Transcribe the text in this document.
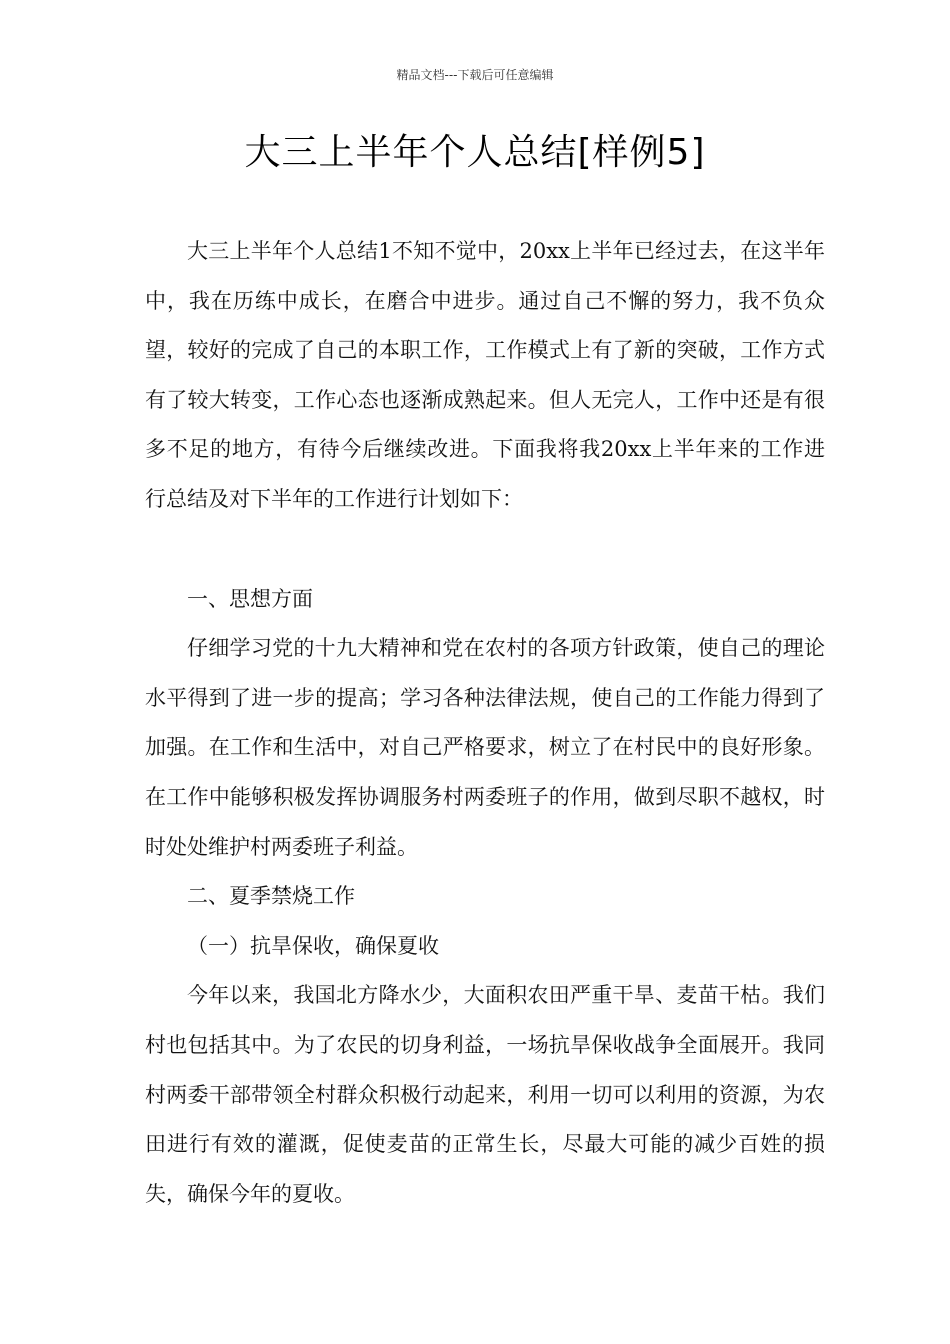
精品文档---下载后可任意编辑
大三上半年个人总结[样例5]

大三上半年个人总结1不知不觉中，20xx上半年已经过去，在这半年中，我在历练中成长，在磨合中进步。通过自己不懈的努力，我不负众望，较好的完成了自己的本职工作，工作模式上有了新的突破，工作方式有了较大转变，工作心态也逐渐成熟起来。但人无完人，工作中还是有很多不足的地方，有待今后继续改进。下面我将我20xx上半年来的工作进行总结及对下半年的工作进行计划如下：

一、思想方面

仔细学习党的十九大精神和党在农村的各项方针政策，使自己的理论水平得到了进一步的提高；学习各种法律法规，使自己的工作能力得到了加强。在工作和生活中，对自己严格要求，树立了在村民中的良好形象。在工作中能够积极发挥协调服务村两委班子的作用，做到尽职不越权，时时处处维护村两委班子利益。

二、夏季禁烧工作

（一）抗旱保收，确保夏收

今年以来，我国北方降水少，大面积农田严重干旱、麦苗干枯。我们村也包括其中。为了农民的切身利益，一场抗旱保收战争全面展开。我同村两委干部带领全村群众积极行动起来，利用一切可以利用的资源，为农田进行有效的灌溉，促使麦苗的正常生长，尽最大可能的减少百姓的损失，确保今年的夏收。
